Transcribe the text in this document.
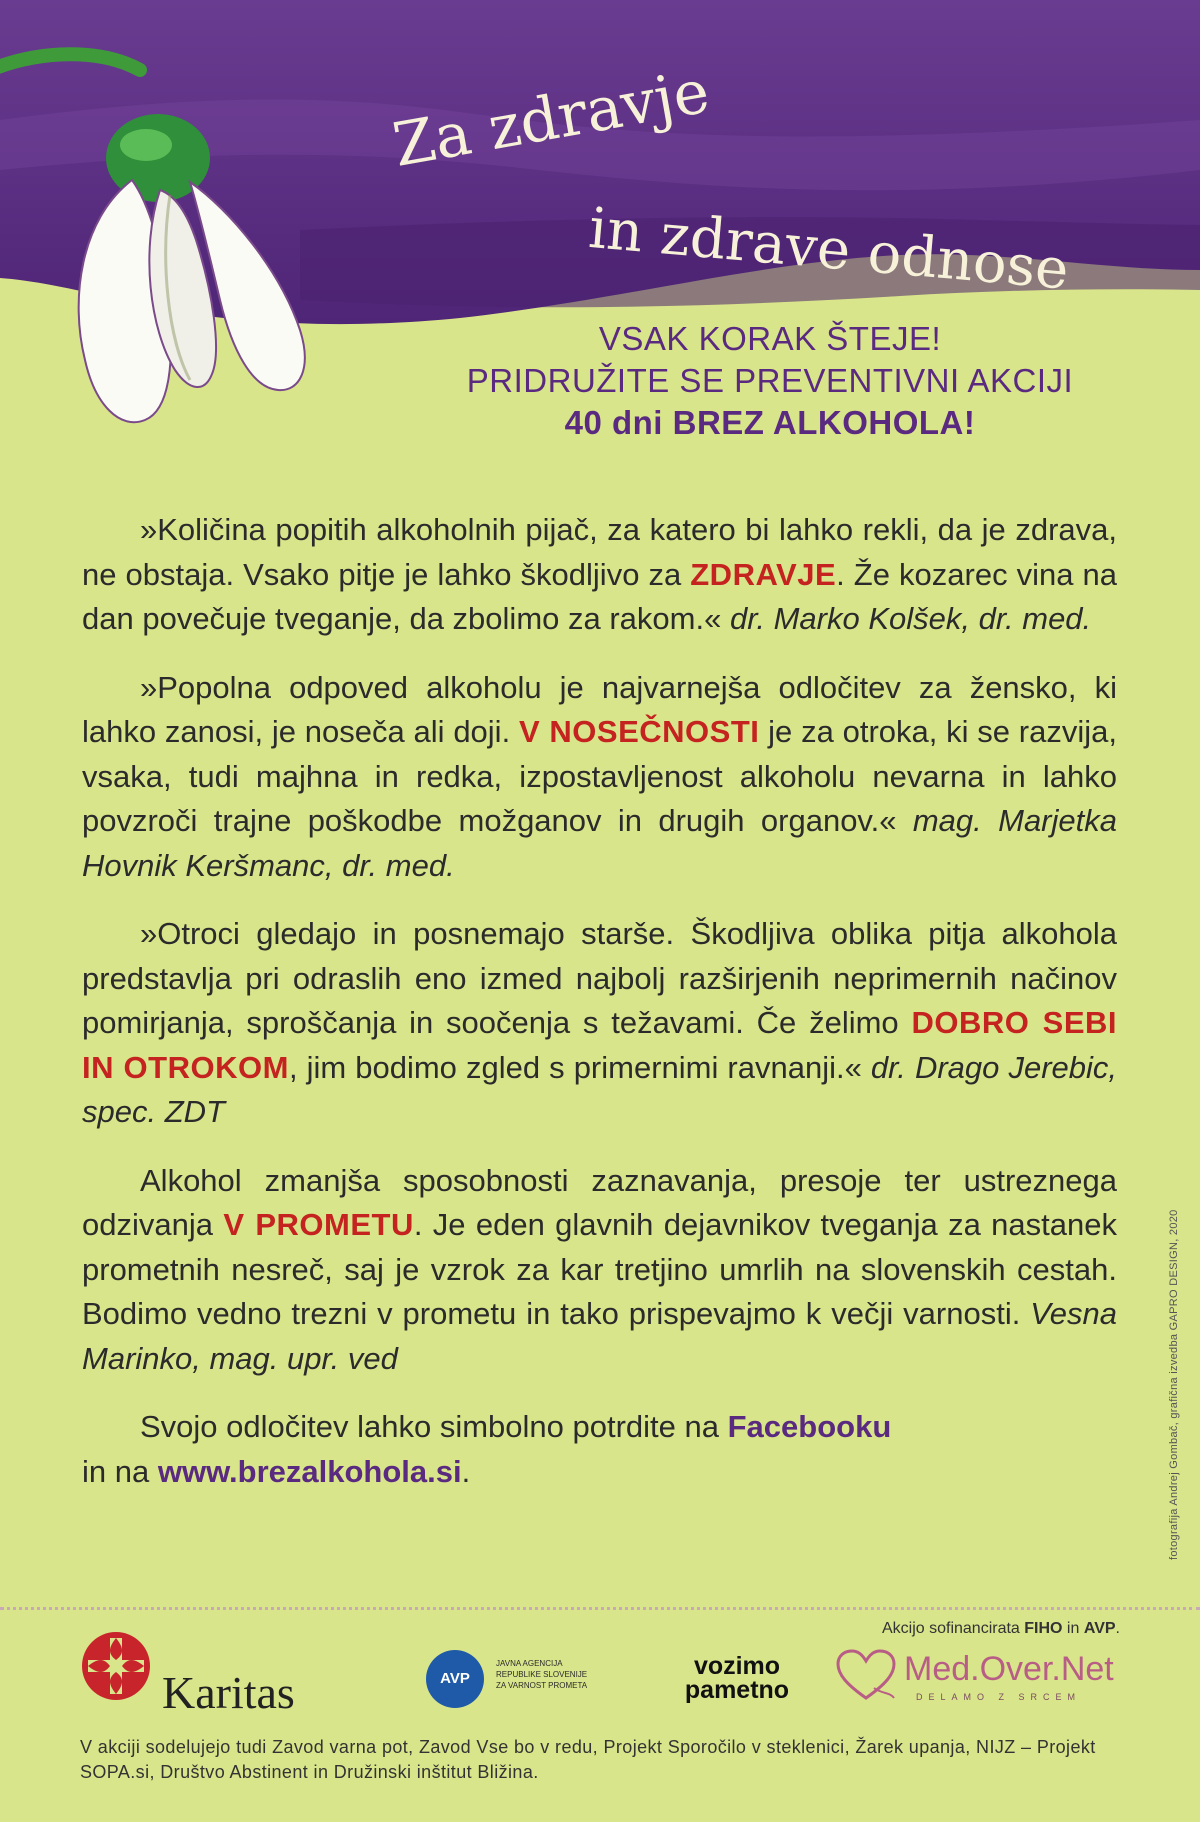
Za zdravje
in zdrave odnose
VSAK KORAK ŠTEJE!
PRIDRUŽITE SE PREVENTIVNI AKCIJI
40 dni BREZ ALKOHOLA!

»Količina popitih alkoholnih pijač, za katero bi lahko rekli, da je zdrava, ne obstaja. Vsako pitje je lahko škodljivo za ZDRAVJE. Že kozarec vina na dan povečuje tveganje, da zbolimo za rakom.« dr. Marko Kolšek, dr. med.

»Popolna odpoved alkoholu je najvarnejša odločitev za žensko, ki lahko zanosi, je noseča ali doji. V NOSEČNOSTI je za otroka, ki se razvija, vsaka, tudi majhna in redka, izpostavljenost alkoholu nevarna in lahko povzroči trajne poškodbe možganov in drugih organov.« mag. Marjetka Hovnik Keršmanc, dr. med.

»Otroci gledajo in posnemajo starše. Škodljiva oblika pitja alkohola predstavlja pri odraslih eno izmed najbolj razširjenih neprimernih načinov pomirjanja, sproščanja in soočenja s težavami. Če želimo DOBRO SEBI IN OTROKOM, jim bodimo zgled s primernimi ravnanji.« dr. Drago Jerebic, spec. ZDT

Alkohol zmanjša sposobnosti zaznavanja, presoje ter ustreznega odzivanja V PROMETU. Je eden glavnih dejavnikov tveganja za nastanek prometnih nesreč, saj je vzrok za kar tretjino umrlih na slovenskih cestah. Bodimo vedno trezni v prometu in tako prispevajmo k večji varnosti. Vesna Marinko, mag. upr. ved

Svojo odločitev lahko simbolno potrdite na Facebooku
in na www.brezalkohola.si.	fotografija Andrej Gombač, grafična izvedba GAPRO DESIGN, 2020
Akcijo sofinancirata FIHO in AVP.
Karitas	AVP
JAVNA AGENCIJA
REPUBLIKE SLOVENIJE
ZA VARNOST PROMETA
vozimo
pametno
Med.Over.Net
DELAMO Z SRCEM
V akciji sodelujejo tudi Zavod varna pot, Zavod Vse bo v redu, Projekt Sporočilo v steklenici, Žarek upanja, NIJZ – Projekt SOPA.si, Društvo Abstinent in Družinski inštitut Bližina.
